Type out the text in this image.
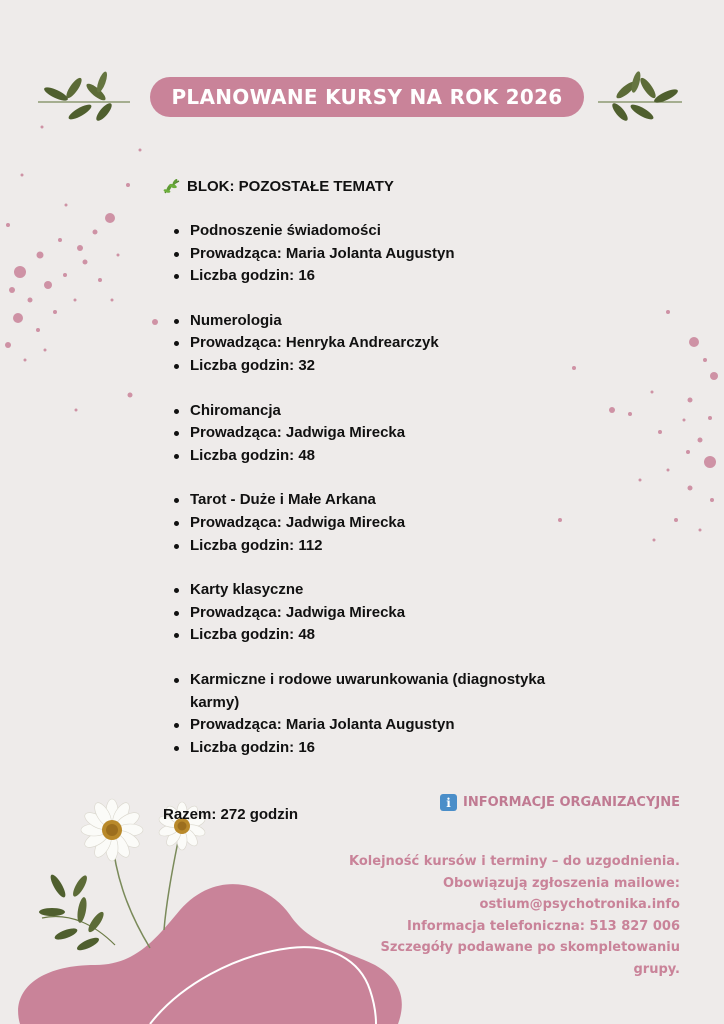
PLANOWANE KURSY NA ROK 2026
BLOK: POZOSTAŁE TEMATY
Podnoszenie świadomości
Prowadząca: Maria Jolanta Augustyn
Liczba godzin: 16
Numerologia
Prowadząca: Henryka Andrearczyk
Liczba godzin: 32
Chiromancja
Prowadząca: Jadwiga Mirecka
Liczba godzin: 48
Tarot - Duże i Małe Arkana
Prowadząca: Jadwiga Mirecka
Liczba godzin: 112
Karty klasyczne
Prowadząca: Jadwiga Mirecka
Liczba godzin: 48
Karmiczne i rodowe uwarunkowania (diagnostyka karmy)
Prowadząca: Maria Jolanta Augustyn
Liczba godzin: 16
Razem: 272 godzin
i INFORMACJE ORGANIZACYJNE
Kolejność kursów i terminy – do uzgodnienia.
Obowiązują zgłoszenia mailowe:
ostium@psychotronika.info
Informacja telefoniczna: 513 827 006
Szczegóły podawane po skompletowaniu
grupy.
